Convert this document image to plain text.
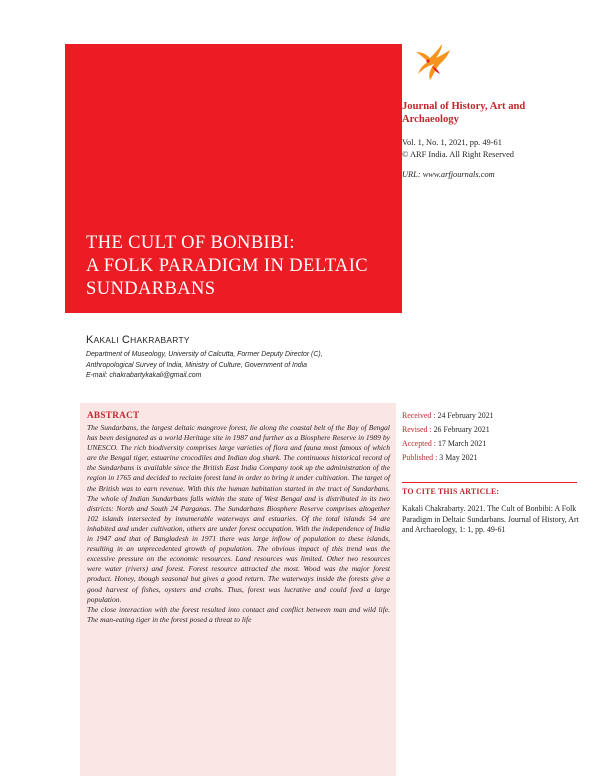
THE CULT OF BONBIBI:
A FOLK PARADIGM IN DELTAIC
SUNDARBANS
Journal of History, Art and Archaeology
Vol. 1, No. 1, 2021, pp. 49-61
© ARF India. All Right Reserved
URL: www.arfjournals.com
KAKALI CHAKRABARTY
Department of Museology, University of Calcutta, Former Deputy Director (C),
Anthropological Survey of India, Ministry of Culture, Government of India
E-mail: chakrabartykakali@gmail.com
ABSTRACT

The Sundarbans, the largest deltaic mangrove forest, lie along the coastal belt of the Bay of Bengal has been designated as a world Heritage site in 1987 and further as a Biosphere Reserve in 1989 by UNESCO. The rich biodiversity comprises large varieties of flora and fauna most famous of which are the Bengal tiger, estuarine crocodiles and Indian dog shark. The continuous historical record of the Sundarbans is available since the British East India Company took up the administration of the region in 1765 and decided to reclaim forest land in order to bring it under cultivation. The target of the British was to earn revenue. With this the human habitation started in the tract of Sundarbans. The whole of Indian Sundarbans falls within the state of West Bengal and is distributed in its two districts: North and South 24 Parganas. The Sundarbans Biosphere Reserve comprises altogether 102 islands intersected by innumerable waterways and estuaries. Of the total islands 54 are inhabited and under cultivation, others are under forest occupation. With the independence of India in 1947 and that of Bangladesh in 1971 there was large inflow of population to these islands, resulting in an unprecedented growth of population. The obvious impact of this trend was the excessive pressure on the economic resources. Land resources was limited. Other two resources were water (rivers) and forest. Forest resource attracted the most. Wood was the major forest product. Honey, though seasonal but gives a good return. The waterways inside the forests give a good harvest of fishes, oysters and crabs. Thus, forest was lucrative and could feed a large population.

The close interaction with the forest resulted into contact and conflict between man and wild life. The man-eating tiger in the forest posed a threat to life

Received : 24 February 2021
Revised : 26 February 2021
Accepted : 17 March 2021
Published : 3 May 2021
TO CITE THIS ARTICLE:
Kakali Chakrabarty. 2021. The Cult of Bonbibi: A Folk Paradigm in Deltaic Sundarbans. Journal of History, Art and Archaeology, 1: 1, pp. 49-61
